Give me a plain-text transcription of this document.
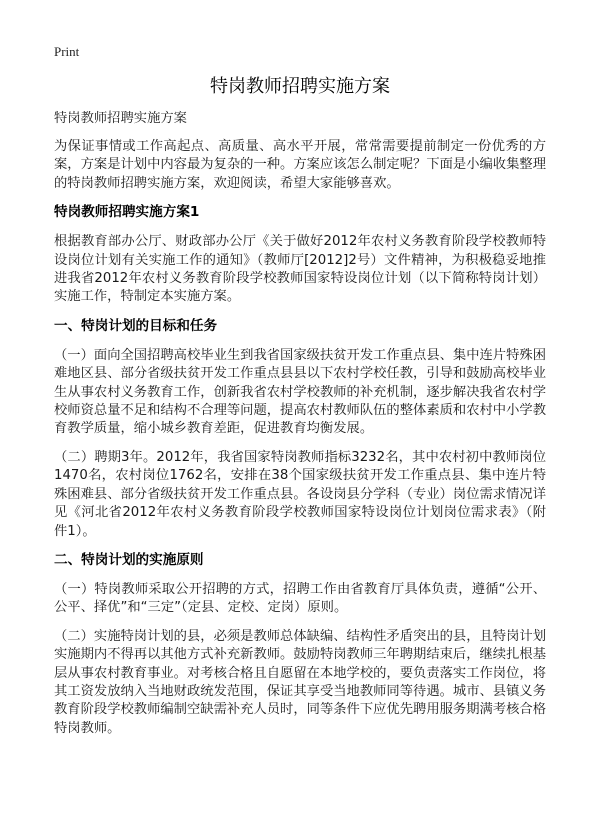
Print
特岗教师招聘实施方案
特岗教师招聘实施方案

为保证事情或工作高起点、高质量、高水平开展，常常需要提前制定一份优秀的方案，方案是计划中内容最为复杂的一种。方案应该怎么制定呢？下面是小编收集整理的特岗教师招聘实施方案，欢迎阅读，希望大家能够喜欢。

特岗教师招聘实施方案1

根据教育部办公厅、财政部办公厅《关于做好2012年农村义务教育阶段学校教师特设岗位计划有关实施工作的通知》（教师厅[2012]2号）文件精神，为积极稳妥地推进我省2012年农村义务教育阶段学校教师国家特设岗位计划（以下简称特岗计划）实施工作，特制定本实施方案。

一、特岗计划的目标和任务

（一）面向全国招聘高校毕业生到我省国家级扶贫开发工作重点县、集中连片特殊困难地区县、部分省级扶贫开发工作重点县县以下农村学校任教，引导和鼓励高校毕业生从事农村义务教育工作，创新我省农村学校教师的补充机制，逐步解决我省农村学校师资总量不足和结构不合理等问题，提高农村教师队伍的整体素质和农村中小学教育教学质量，缩小城乡教育差距，促进教育均衡发展。

（二）聘期3年。2012年，我省国家特岗教师指标3232名，其中农村初中教师岗位1470名，农村岗位1762名，安排在38个国家级扶贫开发工作重点县、集中连片特殊困难县、部分省级扶贫开发工作重点县。各设岗县分学科（专业）岗位需求情况详见《河北省2012年农村义务教育阶段学校教师国家特设岗位计划岗位需求表》（附件1）。

二、特岗计划的实施原则

（一）特岗教师采取公开招聘的方式，招聘工作由省教育厅具体负责，遵循“公开、公平、择优”和“三定”（定县、定校、定岗）原则。

（二）实施特岗计划的县，必须是教师总体缺编、结构性矛盾突出的县，且特岗计划实施期内不得再以其他方式补充新教师。鼓励特岗教师三年聘期结束后，继续扎根基层从事农村教育事业。对考核合格且自愿留在本地学校的，要负责落实工作岗位，将其工资发放纳入当地财政统发范围，保证其享受当地教师同等待遇。城市、县镇义务教育阶段学校教师编制空缺需补充人员时，同等条件下应优先聘用服务期满考核合格特岗教师。
